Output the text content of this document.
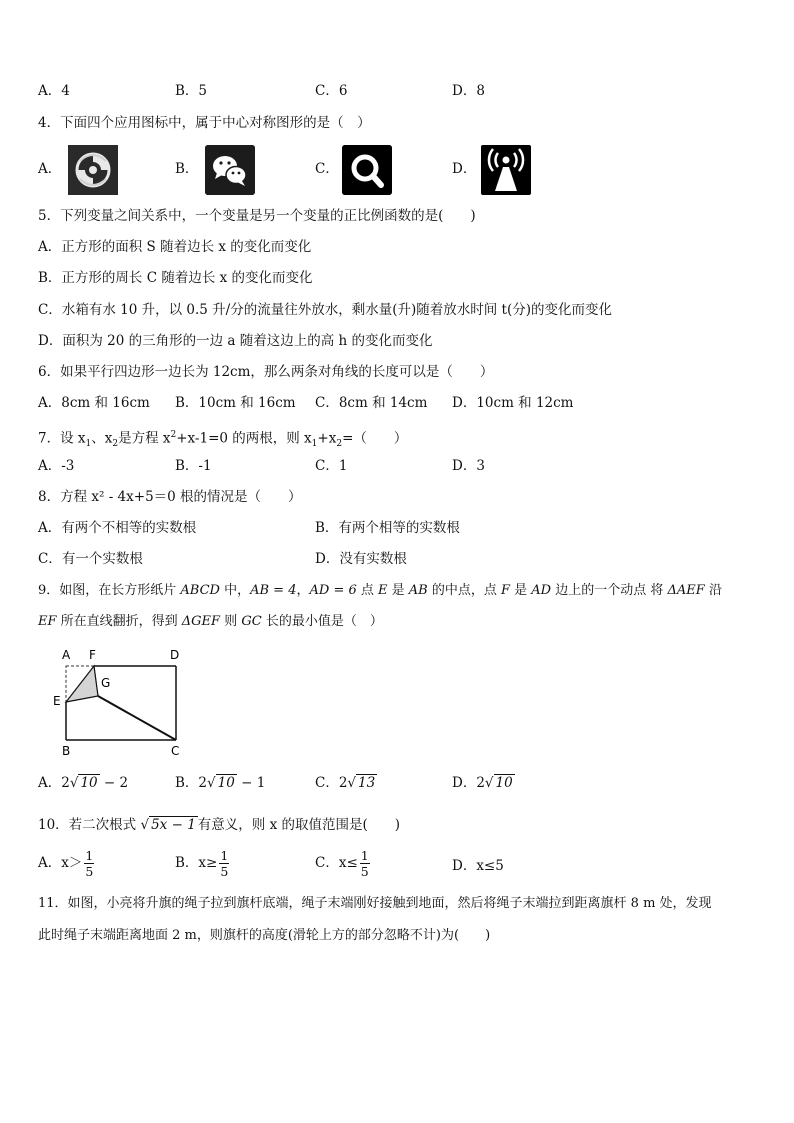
A．4	B．5	C．6	D．8
4．下面四个应用图标中，属于中心对称图形的是（　）
A．	B．	C．	D．
5．下列变量之间关系中，一个变量是另一个变量的正比例函数的是(　　)
A．正方形的面积 S 随着边长 x 的变化而变化
B．正方形的周长 C 随着边长 x 的变化而变化
C．水箱有水 10 升，以 0.5 升/分的流量往外放水，剩水量(升)随着放水时间 t(分)的变化而变化
D．面积为 20 的三角形的一边 a 随着这边上的高 h 的变化而变化
6．如果平行四边形一边长为 12cm，那么两条对角线的长度可以是（　　）
A．8cm 和 16cm B．10cm 和 16cm C．8cm 和 14cm D．10cm 和 12cm
7．设 $x_1$、$x_2$是方程 $x^2+x-1=0$ 的两根，则 $x_1+x_2=$（　　）
A．-3	B．-1	C．1	D．3
8．方程 x² - 4x+5＝0 根的情况是（　　）
A．有两个不相等的实数根	B．有两个相等的实数根
C．有一个实数根	D．没有实数根
9．如图，在长方形纸片 ABCD 中，AB = 4，AD = 6 点 E 是 AB 的中点，点 F 是 AD 边上的一个动点 将 ΔAEF 沿
EF 所在直线翻折，得到 ΔGEF 则 GC 长的最小值是（　）
A F	D
G
E
B	C
A．2√ 10 − 2	B．2√ 10 − 1	C．2√ 13	D．2√ 10
10．若二次根式 √ 5x − 1 有意义，则 x 的取值范围是(　　)
A．$x> \frac{1}{5}$	B．$x\ge \frac{1}{5}$	C．$x\le \frac{1}{5}$	D．x≤5
11．如图，小亮将升旗的绳子拉到旗杆底端，绳子末端刚好接触到地面，然后将绳子末端拉到距离旗杆 8 m 处，发现
此时绳子末端距离地面 2 m，则旗杆的高度(滑轮上方的部分忽略不计)为(　　)
